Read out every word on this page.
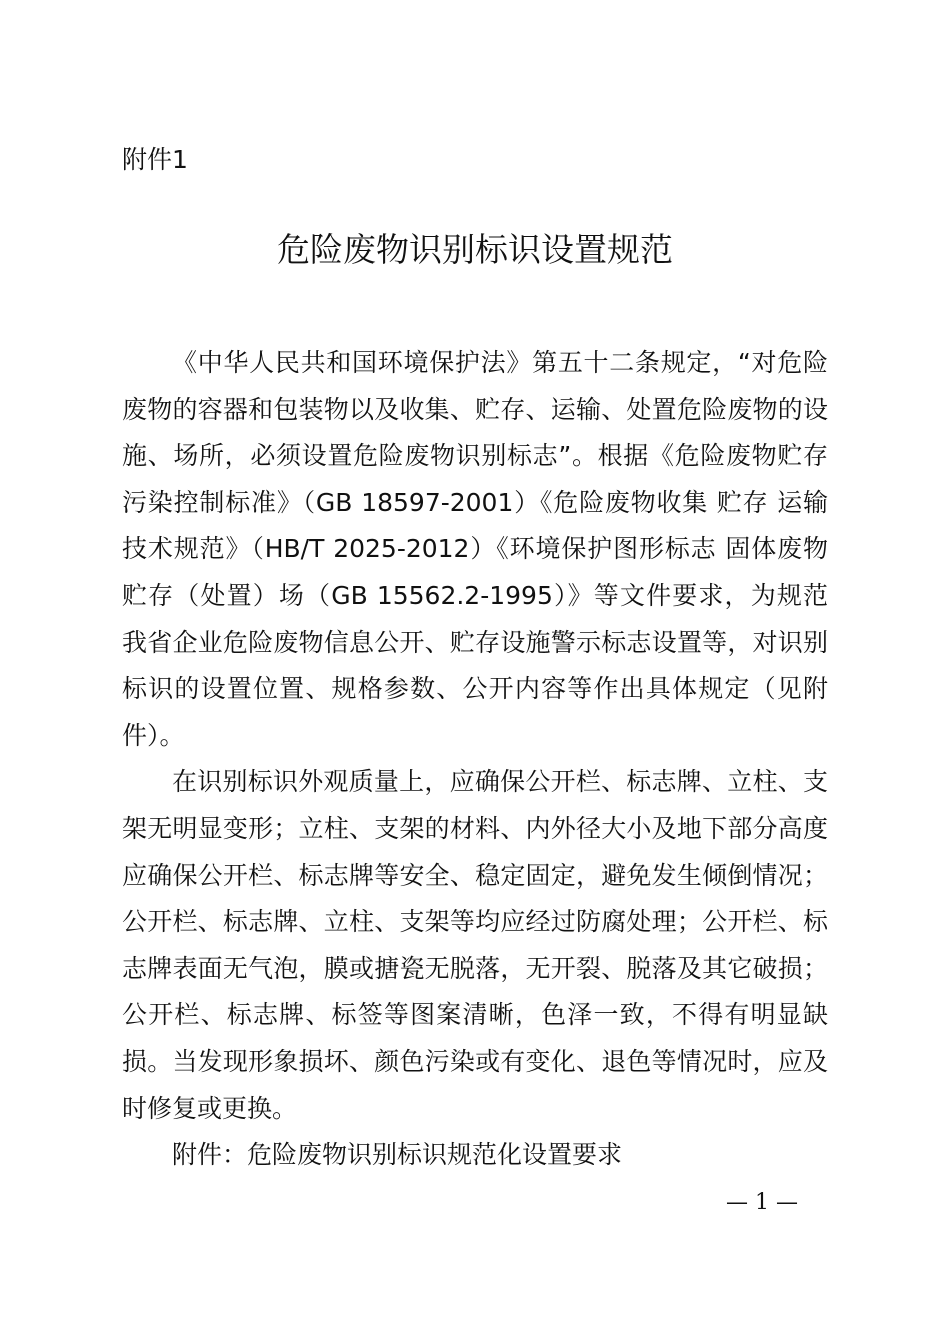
附件1

危险废物识别标识设置规范

《中华人民共和国环境保护法》第五十二条规定，“对危险废物的容器和包装物以及收集、贮存、运输、处置危险废物的设施、场所，必须设置危险废物识别标志”。根据《危险废物贮存污染控制标准》（GB 18597-2001）《危险废物收集 贮存 运输技术规范》（HB/T 2025-2012）《环境保护图形标志 固体废物贮存（处置）场（GB 15562.2-1995）》等文件要求，为规范我省企业危险废物信息公开、贮存设施警示标志设置等，对识别标识的设置位置、规格参数、公开内容等作出具体规定（见附件）。

在识别标识外观质量上，应确保公开栏、标志牌、立柱、支架无明显变形；立柱、支架的材料、内外径大小及地下部分高度应确保公开栏、标志牌等安全、稳定固定，避免发生倾倒情况；公开栏、标志牌、立柱、支架等均应经过防腐处理；公开栏、标志牌表面无气泡，膜或搪瓷无脱落，无开裂、脱落及其它破损；公开栏、标志牌、标签等图案清晰，色泽一致，不得有明显缺损。当发现形象损坏、颜色污染或有变化、退色等情况时，应及时修复或更换。

附件：危险废物识别标识规范化设置要求

— 1 —
